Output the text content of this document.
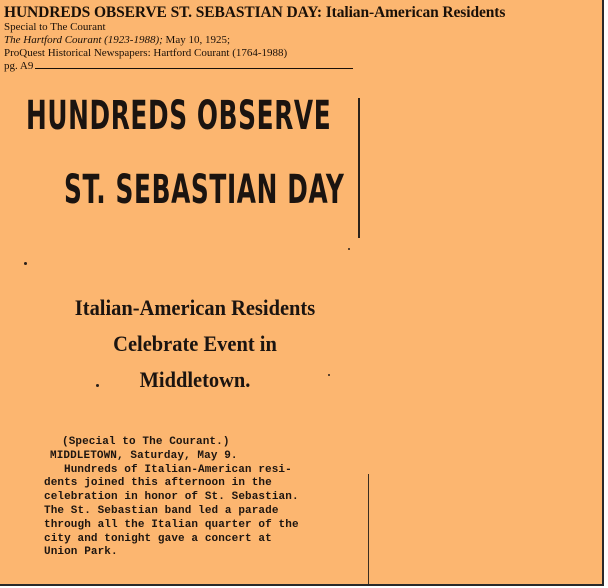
HUNDREDS OBSERVE ST. SEBASTIAN DAY: Italian-American Residents
Special to The Courant
The Hartford Courant (1923-1988); May 10, 1925;
ProQuest Historical Newspapers: Hartford Courant (1764-1988)
pg. A9
HUNDREDS OBSERVE
ST. SEBASTIAN DAY
Italian-American Residents
Celebrate Event in
Middletown.
(Special to The Courant.)
MIDDLETOWN, Saturday, May 9.
Hundreds of Italian-American resi-
dents joined this afternoon in the
celebration in honor of St. Sebastian.
The St. Sebastian band led a parade
through all the Italian quarter of the
city and tonight gave a concert at
Union Park.
